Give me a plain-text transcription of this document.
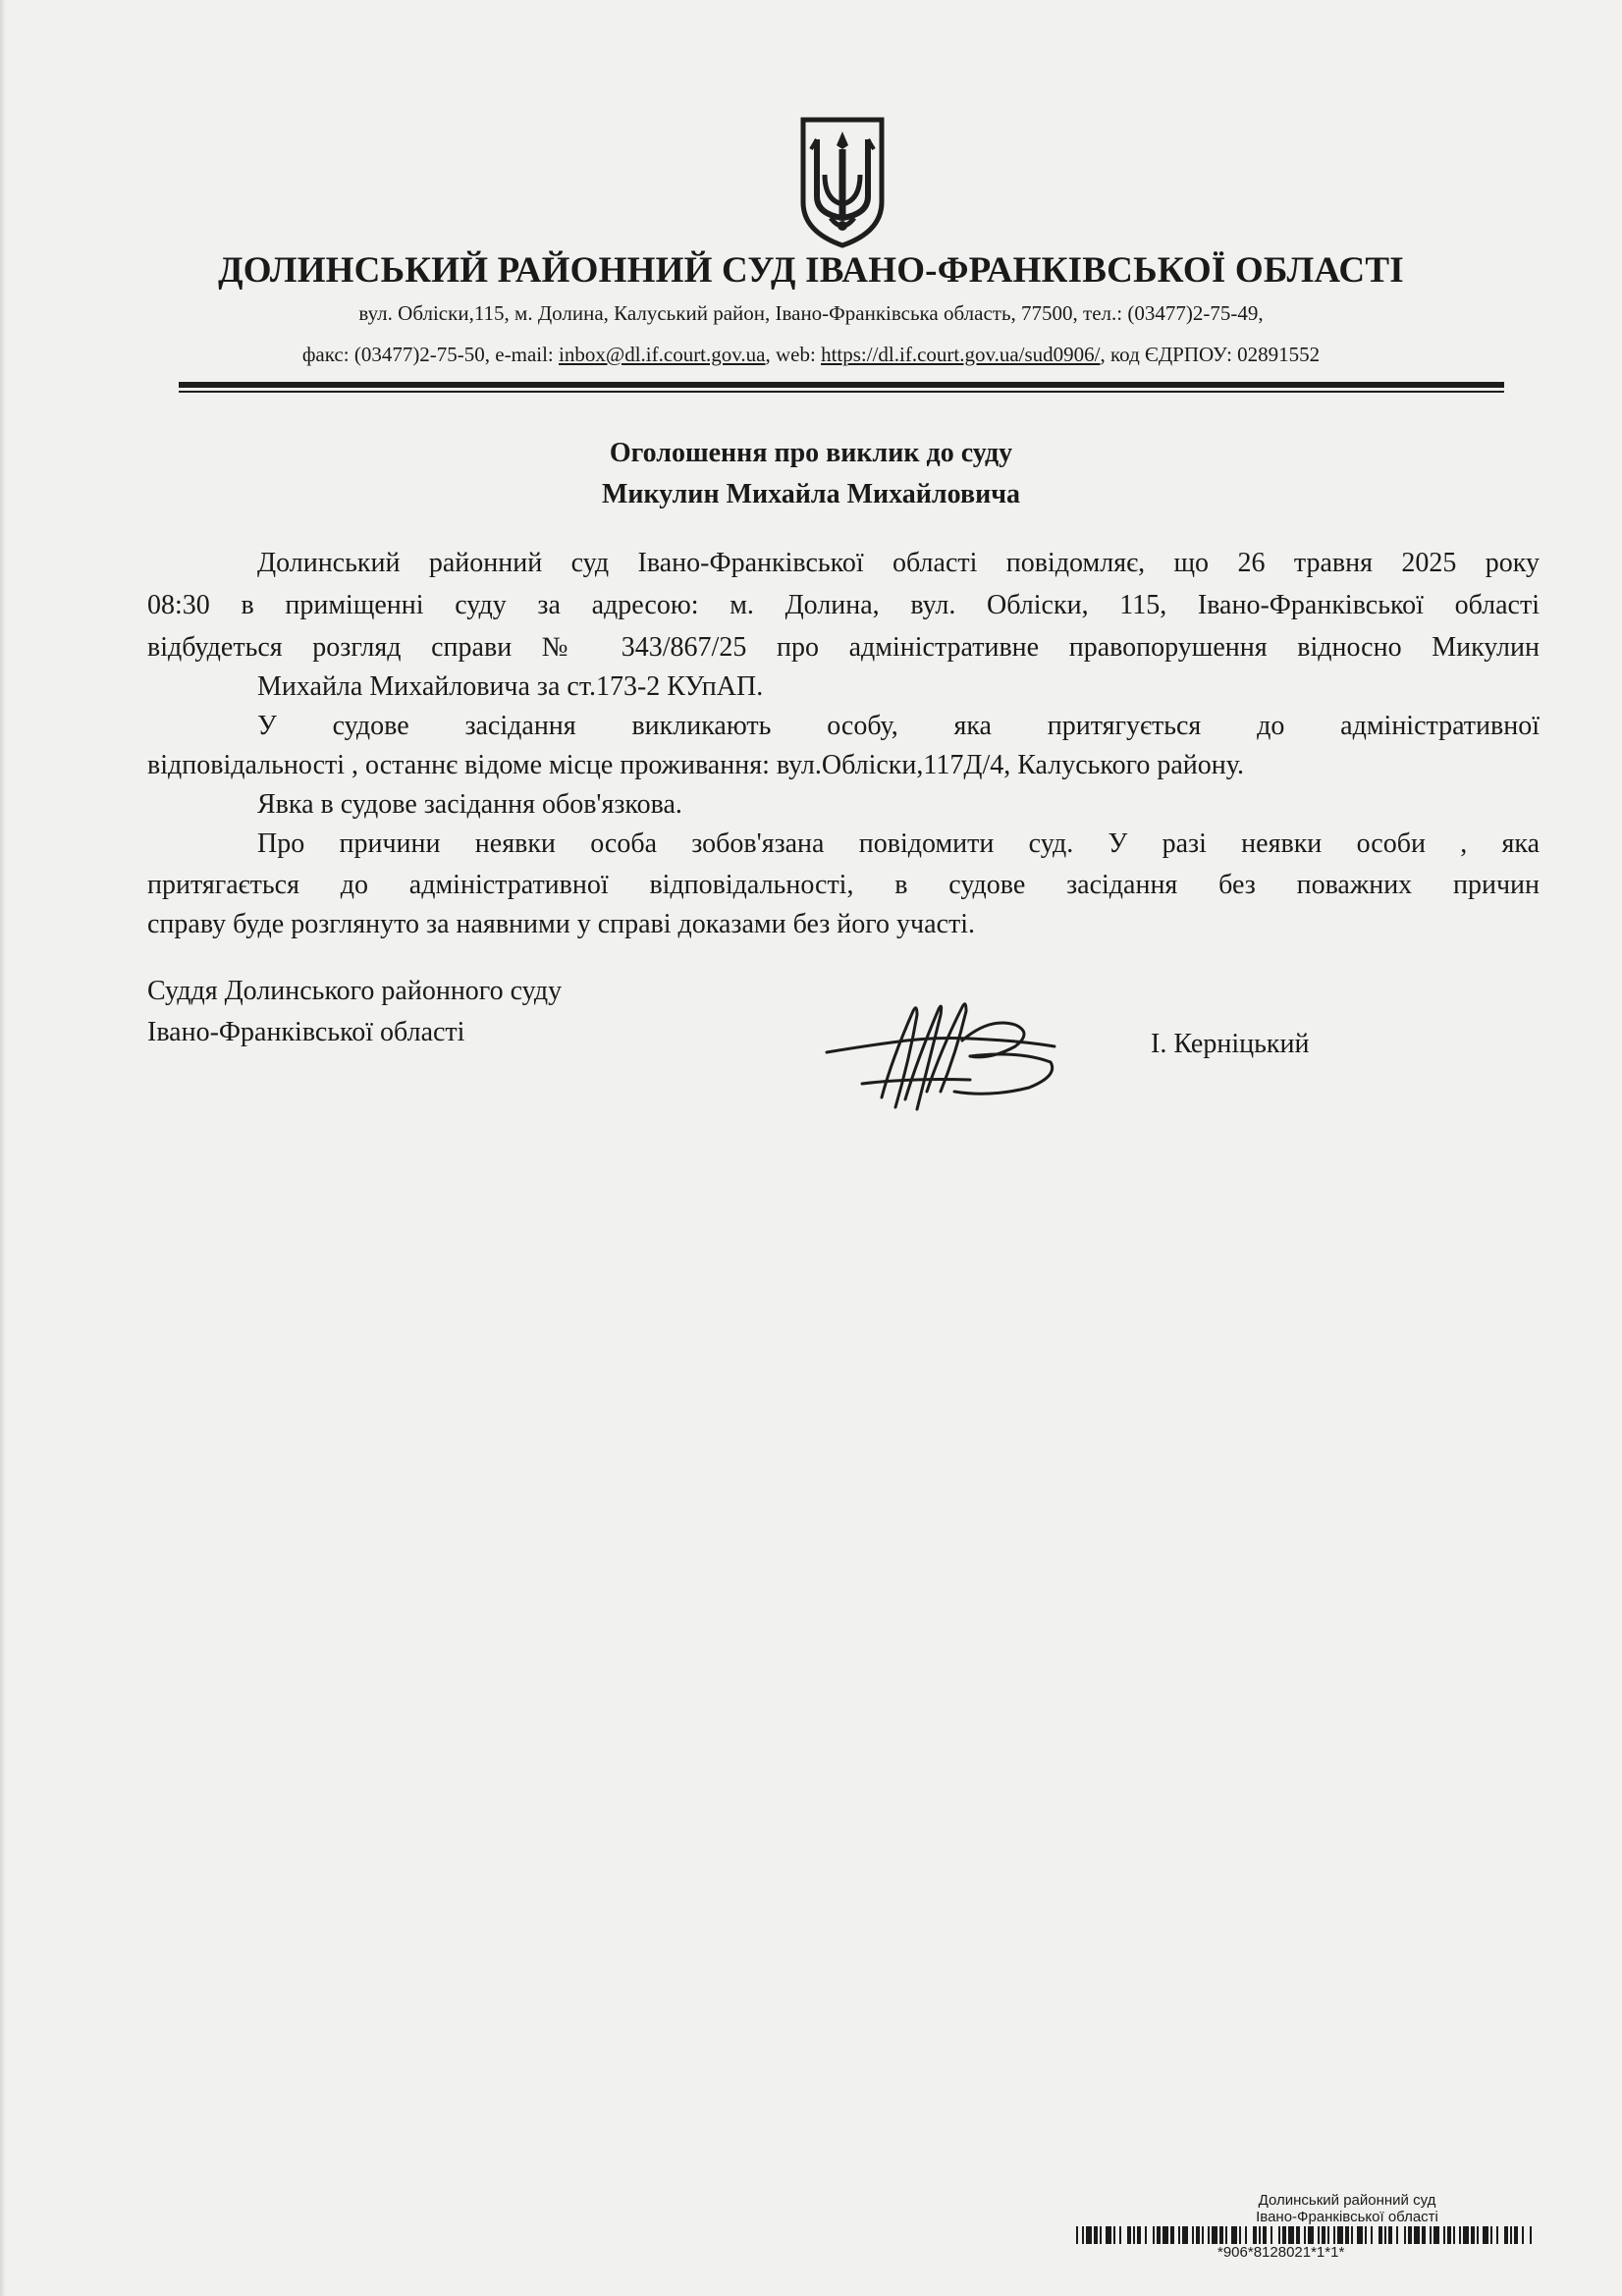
ДОЛИНСЬКИЙ РАЙОННИЙ СУД ІВАНО-ФРАНКІВСЬКОЇ ОБЛАСТІ
вул. Облiски,115, м. Долина, Калуський район, Івано-Франківська область, 77500, тел.: (03477)2-75-49,
факс: (03477)2-75-50, e-mail: inbox@dl.if.court.gov.ua, web: https://dl.if.court.gov.ua/sud0906/, код ЄДРПОУ: 02891552
Оголошення про виклик до суду
Микулин Михайла Михайловича
Долинський районний суд Івано-Франківської області повідомляє, що 26 травня 2025 року
08:30 в приміщенні суду за адресою: м. Долина, вул. Обліски, 115, Івано-Франківської області
відбудеться розгляд справи № 343/867/25 про адміністративне правопорушення відносно Микулин
Михайла Михайловича за ст.173-2 КУпАП.
У судове засідання викликають особу, яка притягується до адміністративної
відповідальності , останнє відоме місце проживання: вул.Обліски,117Д/4, Калуського району.
Явка в судове засідання обов'язкова.
Про причини неявки особа зобов'язана повідомити суд. У разі неявки особи , яка
притягається до адміністративної відповідальності, в судове засідання без поважних причин
справу буде розглянуто за наявними у справі доказами без його участі.
Суддя Долинського районного суду
Івано-Франківської області	І. Керніцький
Долинський районний суд
Івано-Франківської області
*906*8128021*1*1*
